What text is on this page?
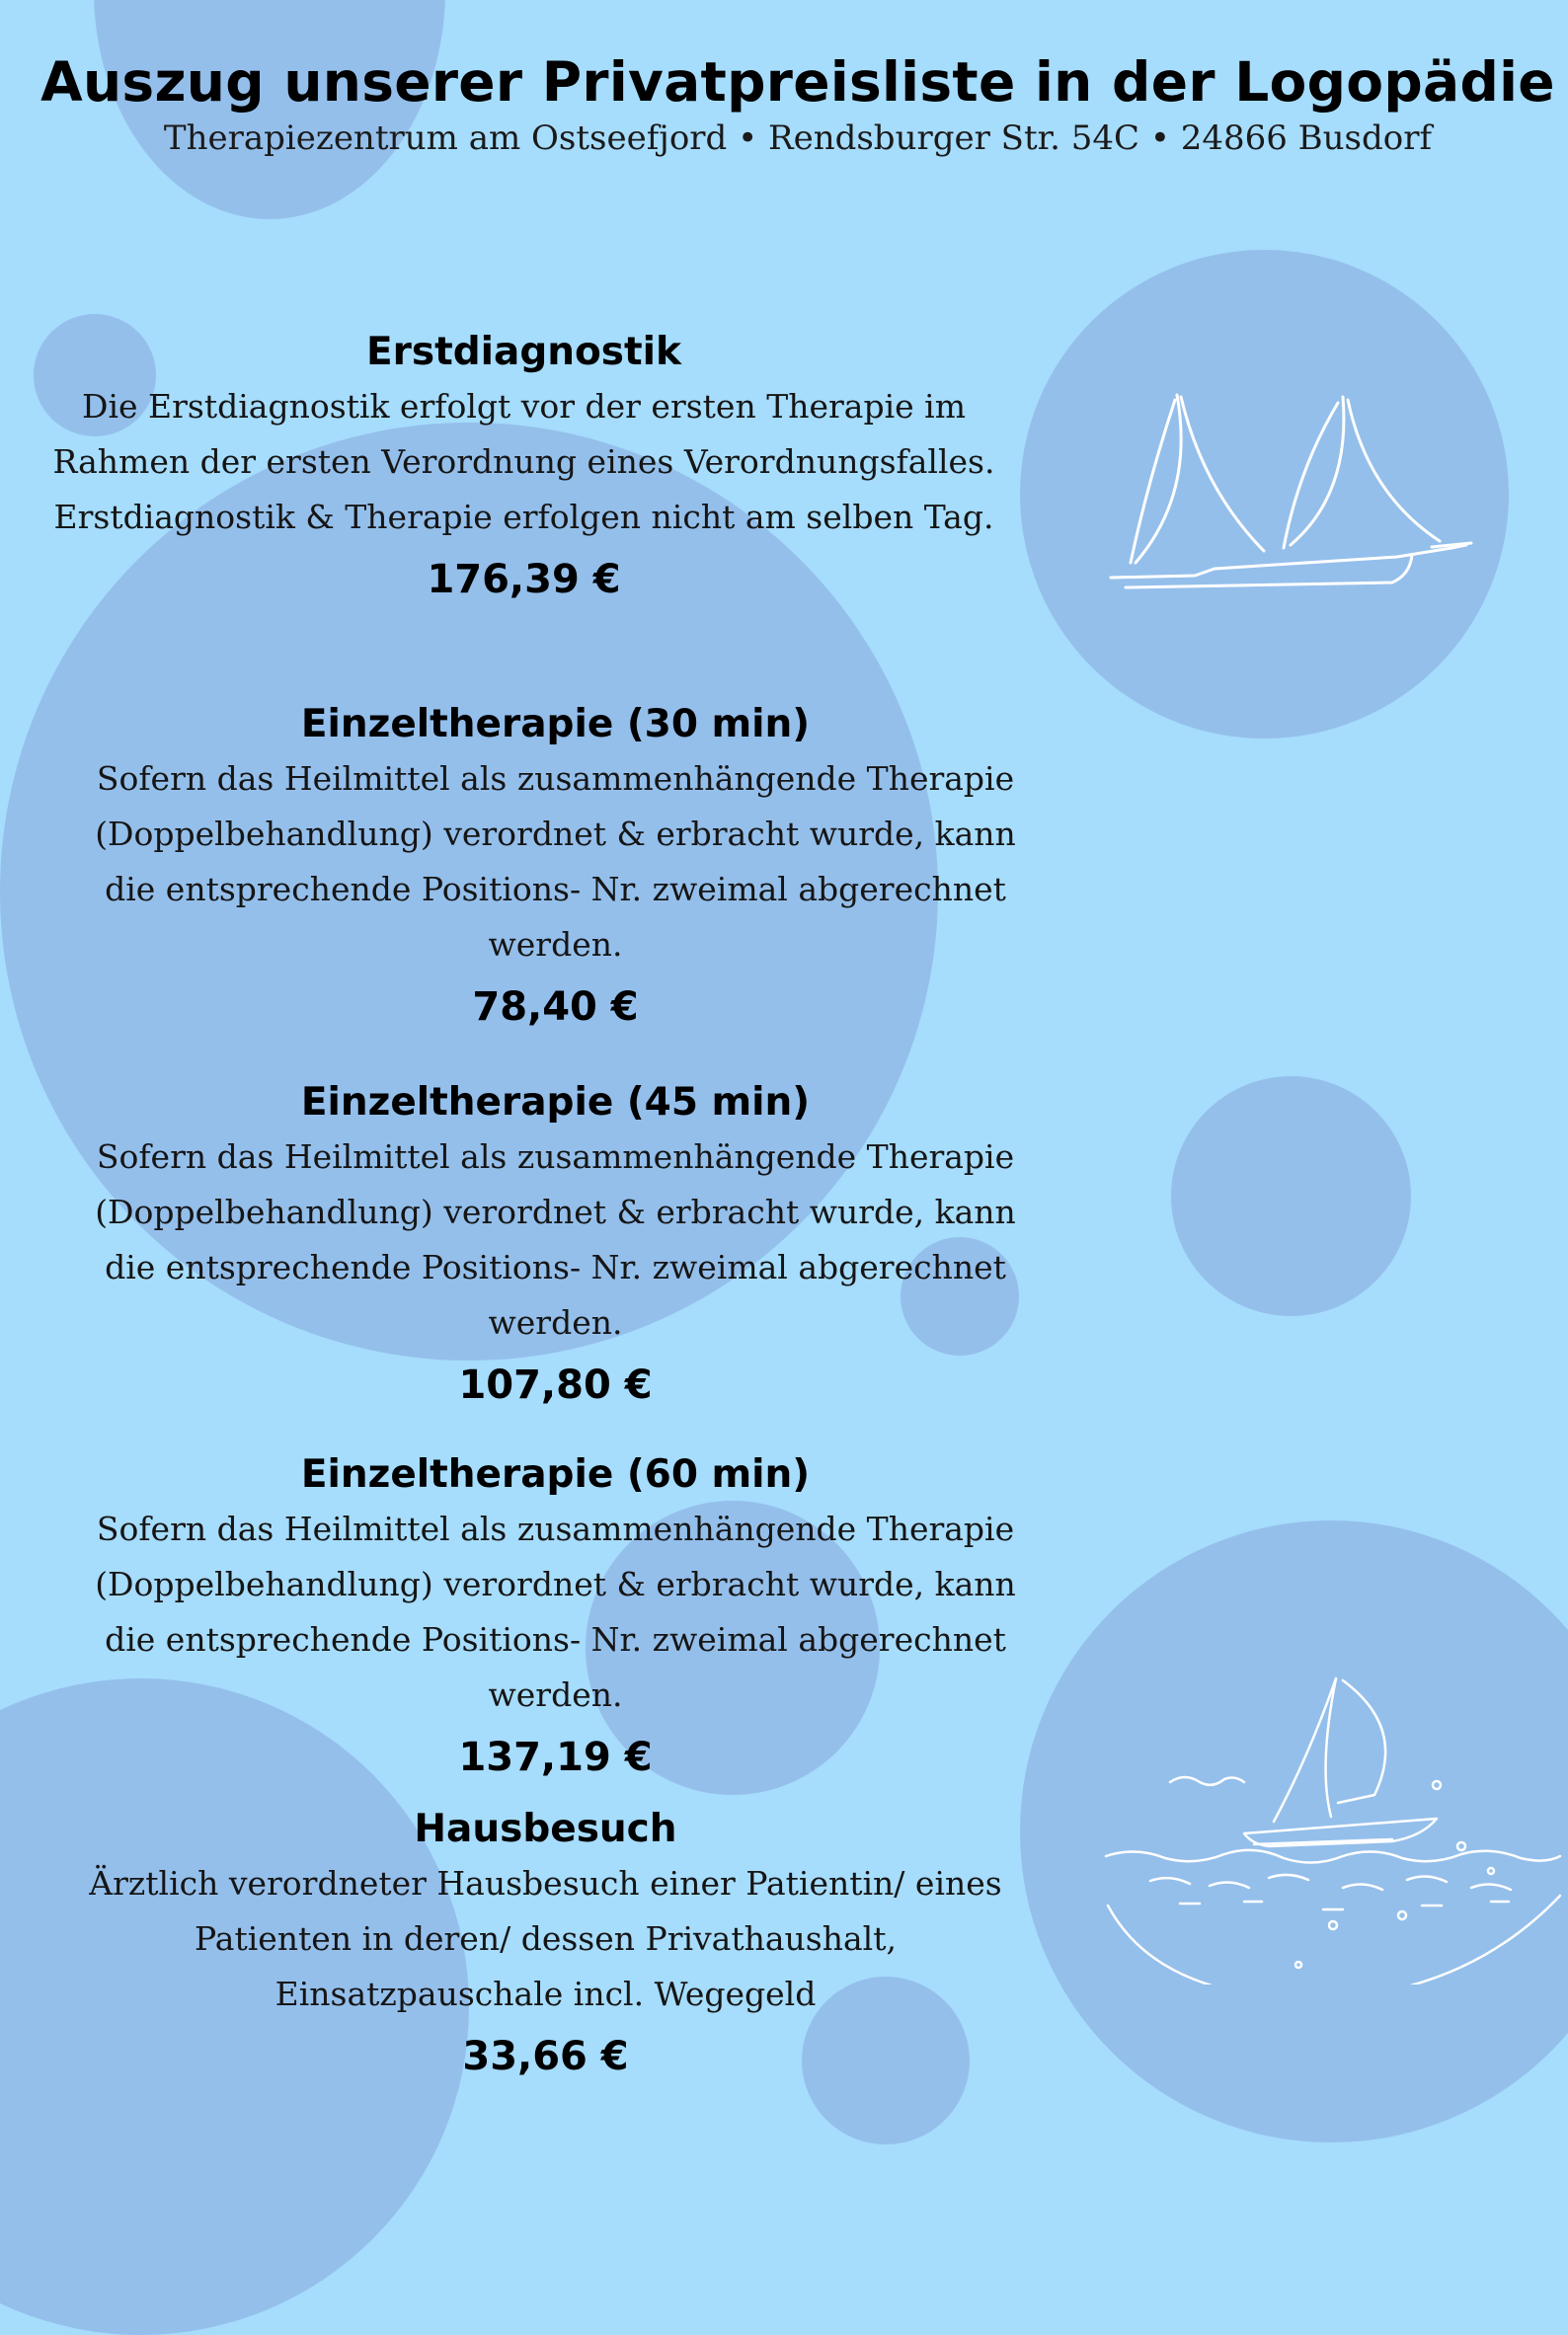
Auszug unserer Privatpreisliste in der Logopädie

Therapiezentrum am Ostseefjord • Rendsburger Str. 54C • 24866 Busdorf

Erstdiagnostik

Die Erstdiagnostik erfolgt vor der ersten Therapie im Rahmen der ersten Verordnung eines Verordnungsfalles. Erstdiagnostik & Therapie erfolgen nicht am selben Tag.

176,39 €
Einzeltherapie (30 min)

Sofern das Heilmittel als zusammenhängende Therapie (Doppelbehandlung) verordnet & erbracht wurde, kann die entsprechende Positions- Nr. zweimal abgerechnet werden.

78,40 €
Einzeltherapie (45 min)

Sofern das Heilmittel als zusammenhängende Therapie (Doppelbehandlung) verordnet & erbracht wurde, kann die entsprechende Positions- Nr. zweimal abgerechnet werden.

107,80 €
Einzeltherapie (60 min)

Sofern das Heilmittel als zusammenhängende Therapie (Doppelbehandlung) verordnet & erbracht wurde, kann die entsprechende Positions- Nr. zweimal abgerechnet werden.

137,19 €
Hausbesuch

Ärztlich verordneter Hausbesuch einer Patientin/ eines Patienten in deren/ dessen Privathaushalt, Einsatzpauschale incl. Wegegeld

33,66 €
